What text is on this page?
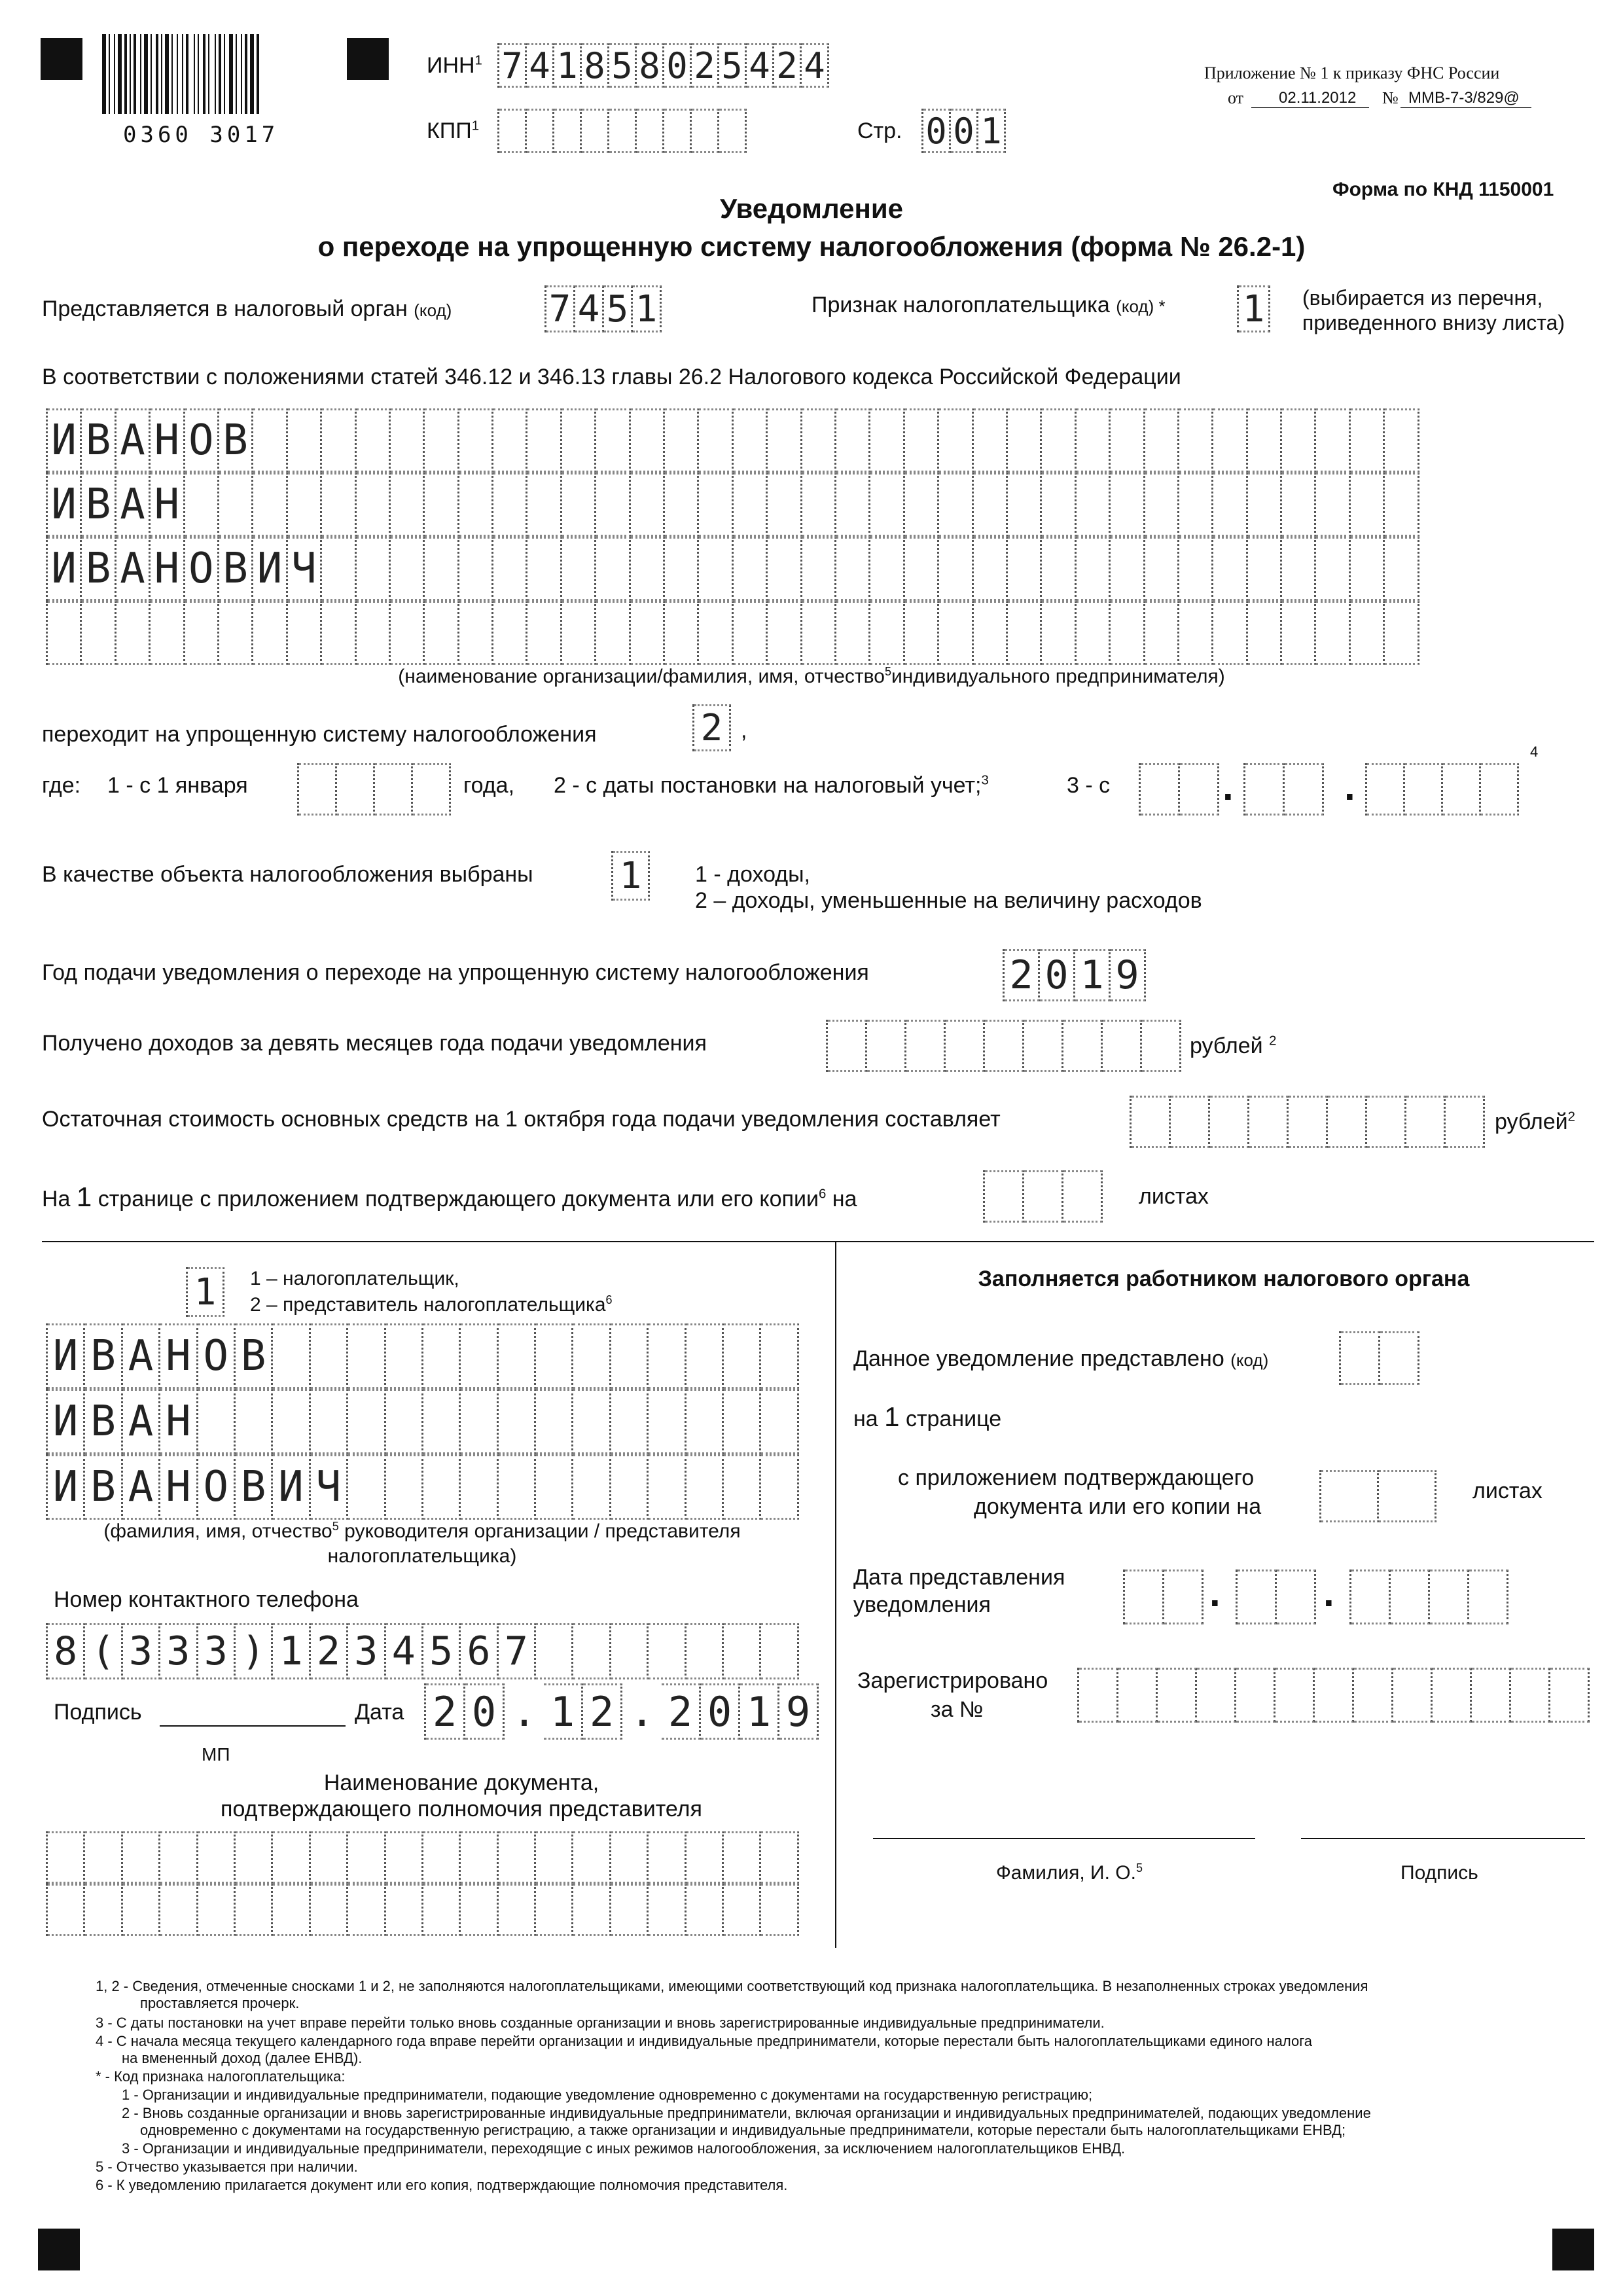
0360 3017
ИНН$^1$ 7 4 1 8 5 8 0 2 5 4 2 4
КПП$^1$	Стр. 0 0 1
Приложение № 1 к приказу ФНС России
от 02.11.2012 № ММВ-7-3/829@
Форма по КНД 1150001
Уведомление
о переходе на упрощенную систему налогообложения (форма № 26.2-1)
Представляется в налоговый орган (код)	7 4 5 1	Признак налогоплательщика (код) * 1 (выбирается из перечня,
приведенного внизу листа)
В соответствии с положениями статей 346.12 и 346.13 главы 26.2 Налогового кодекса Российской Федерации
И В А Н О В
И В А Н
И В А Н О В И Ч
(наименование организации/фамилия, имя, отчество$^5$индивидуального предпринимателя)
переходит на упрощенную систему налогообложения	2 ,
где: 1 - с 1 января	года, 2 - с даты постановки на налоговый учет;$^3$	3 - с	.	.
4
В качестве объекта налогообложения выбраны 1	1 - доходы,
2 – доходы, уменьшенные на величину расходов
Год подачи уведомления о переходе на упрощенную систему налогообложения	2 0 1 9
Получено доходов за девять месяцев года подачи уведомления	рублей $^2$
Остаточная стоимость основных средств на 1 октября года подачи уведомления составляет	рублей$^2$
На 1 странице с приложением подтверждающего документа или его копии$^6$ на	листах
1	1 – налогоплательщик,
2 – представитель налогоплательщика$^6$
И В А Н О В
И В А Н
И В А Н О В И Ч
(фамилия, имя, отчество$^5$ руководителя организации / представителя
налогоплательщика)
Номер контактного телефона
8 ( 3 3 3 ) 1 2 3 4 5 6 7
Подпись	Дата 2 0 . 1 2 . 2 0 1 9
МП
Наименование документа,
подтверждающего полномочия представителя
Заполняется работником налогового органа
Данное уведомление представлено (код)
на 1 странице
с приложением подтверждающего
документа или его копии на
листах
Дата представления
уведомления	.	.
Зарегистрировано
за №
Фамилия, И. О.$^5$	Подпись
1, 2 - Сведения, отмеченные сносками 1 и 2, не заполняются налогоплательщиками, имеющими соответствующий код признака налогоплательщика. В незаполненных строках уведомления
проставляется прочерк.
3 - С даты постановки на учет вправе перейти только вновь созданные организации и вновь зарегистрированные индивидуальные предприниматели.
4 - С начала месяца текущего календарного года вправе перейти организации и индивидуальные предприниматели, которые перестали быть налогоплательщиками единого налога
на вмененный доход (далее ЕНВД).
* - Код признака налогоплательщика:
1 - Организации и индивидуальные предприниматели, подающие уведомление одновременно с документами на государственную регистрацию;
2 - Вновь созданные организации и вновь зарегистрированные индивидуальные предприниматели, включая организации и индивидуальных предпринимателей, подающих уведомление
одновременно с документами на государственную регистрацию, а также организации и индивидуальные предприниматели, которые перестали быть налогоплательщиками ЕНВД;
3 - Организации и индивидуальные предприниматели, переходящие с иных режимов налогообложения, за исключением налогоплательщиков ЕНВД.
5 - Отчество указывается при наличии.
6 - К уведомлению прилагается документ или его копия, подтверждающие полномочия представителя.
